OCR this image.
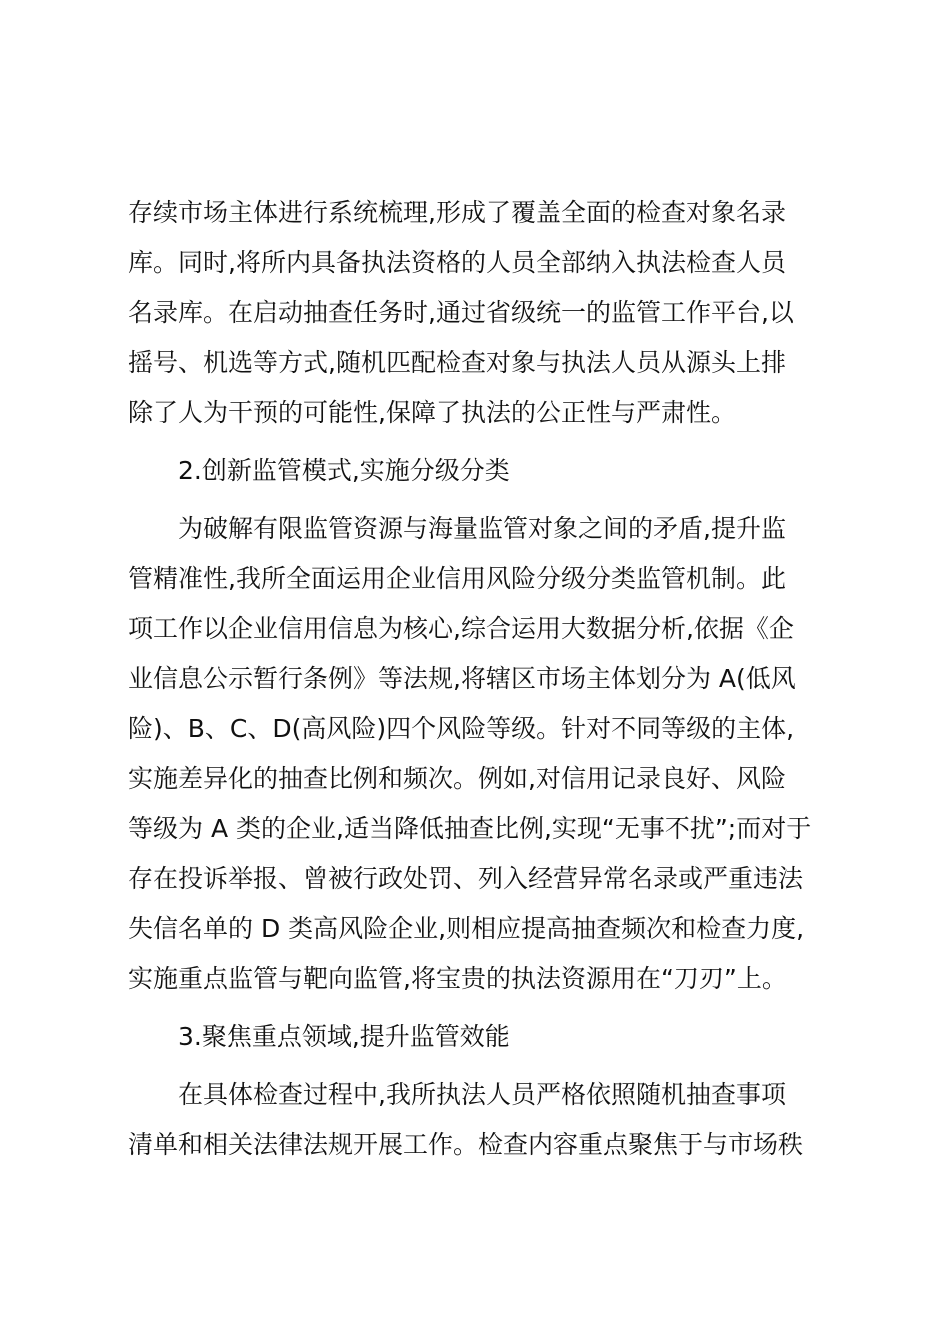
存续市场主体进行系统梳理,形成了覆盖全面的检查对象名录
库。同时,将所内具备执法资格的人员全部纳入执法检查人员
名录库。在启动抽查任务时,通过省级统一的监管工作平台,以
摇号、机选等方式,随机匹配检查对象与执法人员从源头上排
除了人为干预的可能性,保障了执法的公正性与严肃性。
2.创新监管模式,实施分级分类
为破解有限监管资源与海量监管对象之间的矛盾,提升监
管精准性,我所全面运用企业信用风险分级分类监管机制。此
项工作以企业信用信息为核心,综合运用大数据分析,依据《企
业信息公示暂行条例》等法规,将辖区市场主体划分为 A(低风
险)、B、C、D(高风险)四个风险等级。针对不同等级的主体,
实施差异化的抽查比例和频次。例如,对信用记录良好、风险
等级为 A 类的企业,适当降低抽查比例,实现“无事不扰”;而对于
存在投诉举报、曾被行政处罚、列入经营异常名录或严重违法
失信名单的 D 类高风险企业,则相应提高抽查频次和检查力度,
实施重点监管与靶向监管,将宝贵的执法资源用在“刀刃”上。
3.聚焦重点领域,提升监管效能
在具体检查过程中,我所执法人员严格依照随机抽查事项
清单和相关法律法规开展工作。检查内容重点聚焦于与市场秩
